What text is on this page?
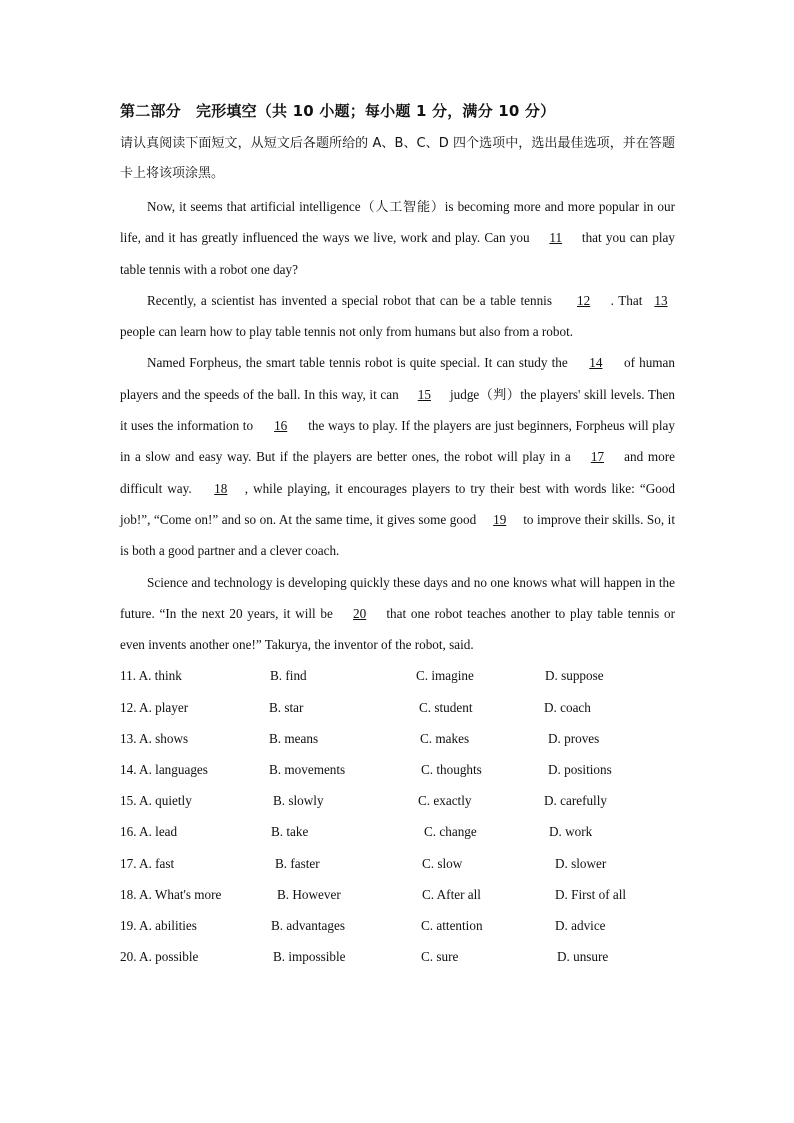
第二部分　完形填空（共 10 小题；每小题 1 分，满分 10 分）
请认真阅读下面短文，从短文后各题所给的 A、B、C、D 四个选项中，选出最佳选项，并在答题卡上将该项涂黑。

Now, it seems that artificial intelligence（人工智能）is becoming more and more popular in our life, and it has greatly influenced the ways we live, work and play. Can you 11 that you can play table tennis with a robot one day?

Recently, a scientist has invented a special robot that can be a table tennis 12 . That 13 people can learn how to play table tennis not only from humans but also from a robot.

Named Forpheus, the smart table tennis robot is quite special. It can study the 14 of human players and the speeds of the ball. In this way, it can 15 judge（判）the players' skill levels. Then it uses the information to 16 the ways to play. If the players are just beginners, Forpheus will play in a slow and easy way. But if the players are better ones, the robot will play in a 17 and more difficult way. 18 , while playing, it encourages players to try their best with words like: “Good job!”, “Come on!” and so on. At the same time, it gives some good 19 to improve their skills. So, it is both a good partner and a clever coach.

Science and technology is developing quickly these days and no one knows what will happen in the future. “In the next 20 years, it will be 20 that one robot teaches another to play table tennis or even invents another one!” Takurya, the inventor of the robot, said.

11. A. think	B. find	C. imagine	D. suppose
12. A. player	B. star	C. student	D. coach
13. A. shows	B. means	C. makes	D. proves
14. A. languages	B. movements	C. thoughts	D. positions
15. A. quietly	B. slowly	C. exactly	D. carefully
16. A. lead	B. take	C. change	D. work
17. A. fast	B. faster	C. slow	D. slower
18. A. What's more	B. However	C. After all	D. First of all
19. A. abilities	B. advantages	C. attention	D. advice
20. A. possible	B. impossible	C. sure	D. unsure
